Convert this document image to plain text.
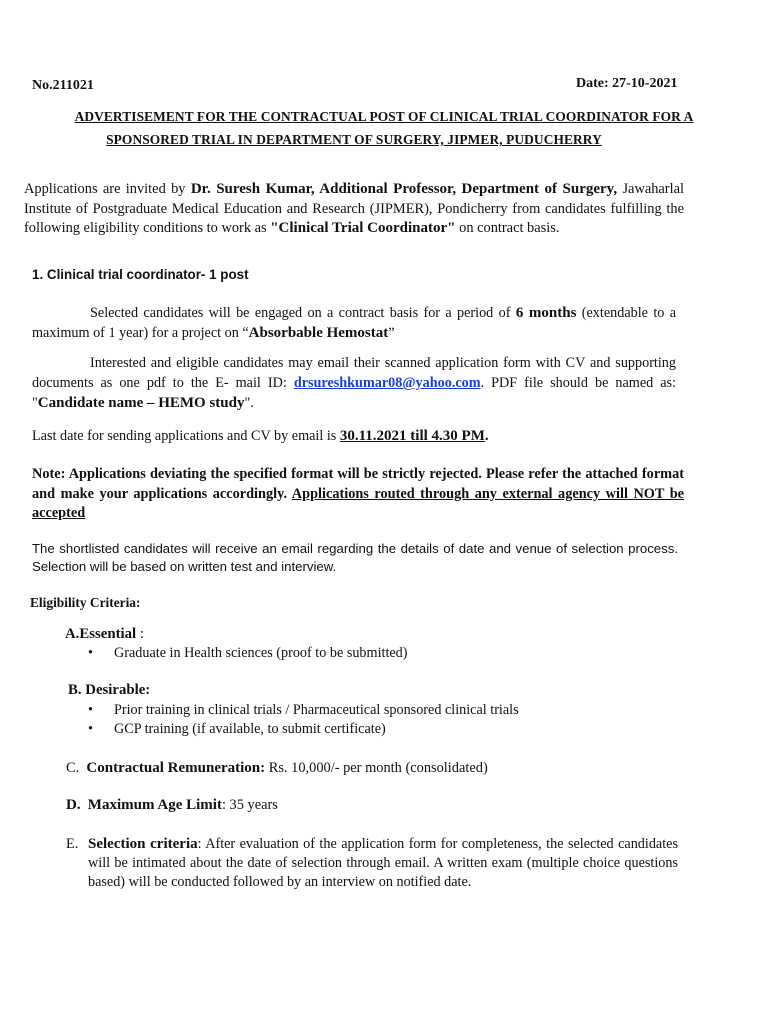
No.211021	Date: 27-10-2021
ADVERTISEMENT FOR THE CONTRACTUAL POST OF CLINICAL TRIAL COORDINATOR FOR A
SPONSORED TRIAL IN DEPARTMENT OF SURGERY, JIPMER, PUDUCHERRY
Applications are invited by Dr. Suresh Kumar, Additional Professor, Department of Surgery, Jawaharlal Institute of Postgraduate Medical Education and Research (JIPMER), Pondicherry from candidates fulfilling the following eligibility conditions to work as "Clinical Trial Coordinator" on contract basis.
1. Clinical trial coordinator- 1 post
Selected candidates will be engaged on a contract basis for a period of 6 months (extendable to a maximum of 1 year) for a project on “Absorbable Hemostat”
Interested and eligible candidates may email their scanned application form with CV and supporting documents as one pdf to the E- mail ID: drsureshkumar08@yahoo.com. PDF file should be named as: "Candidate name – HEMO study".
Last date for sending applications and CV by email is 30.11.2021 till 4.30 PM.
Note: Applications deviating the specified format will be strictly rejected. Please refer the attached format and make your applications accordingly. Applications routed through any external agency will NOT be accepted
The shortlisted candidates will receive an email regarding the details of date and venue of selection process. Selection will be based on written test and interview.
Eligibility Criteria:
A.Essential :
• Graduate in Health sciences (proof to be submitted)
B. Desirable:
• Prior training in clinical trials / Pharmaceutical sponsored clinical trials
• GCP training (if available, to submit certificate)
C. Contractual Remuneration: Rs. 10,000/- per month (consolidated)
D. Maximum Age Limit: 35 years
E. Selection criteria: After evaluation of the application form for completeness, the selected candidates will be intimated about the date of selection through email. A written exam (multiple choice questions based) will be conducted followed by an interview on notified date.
